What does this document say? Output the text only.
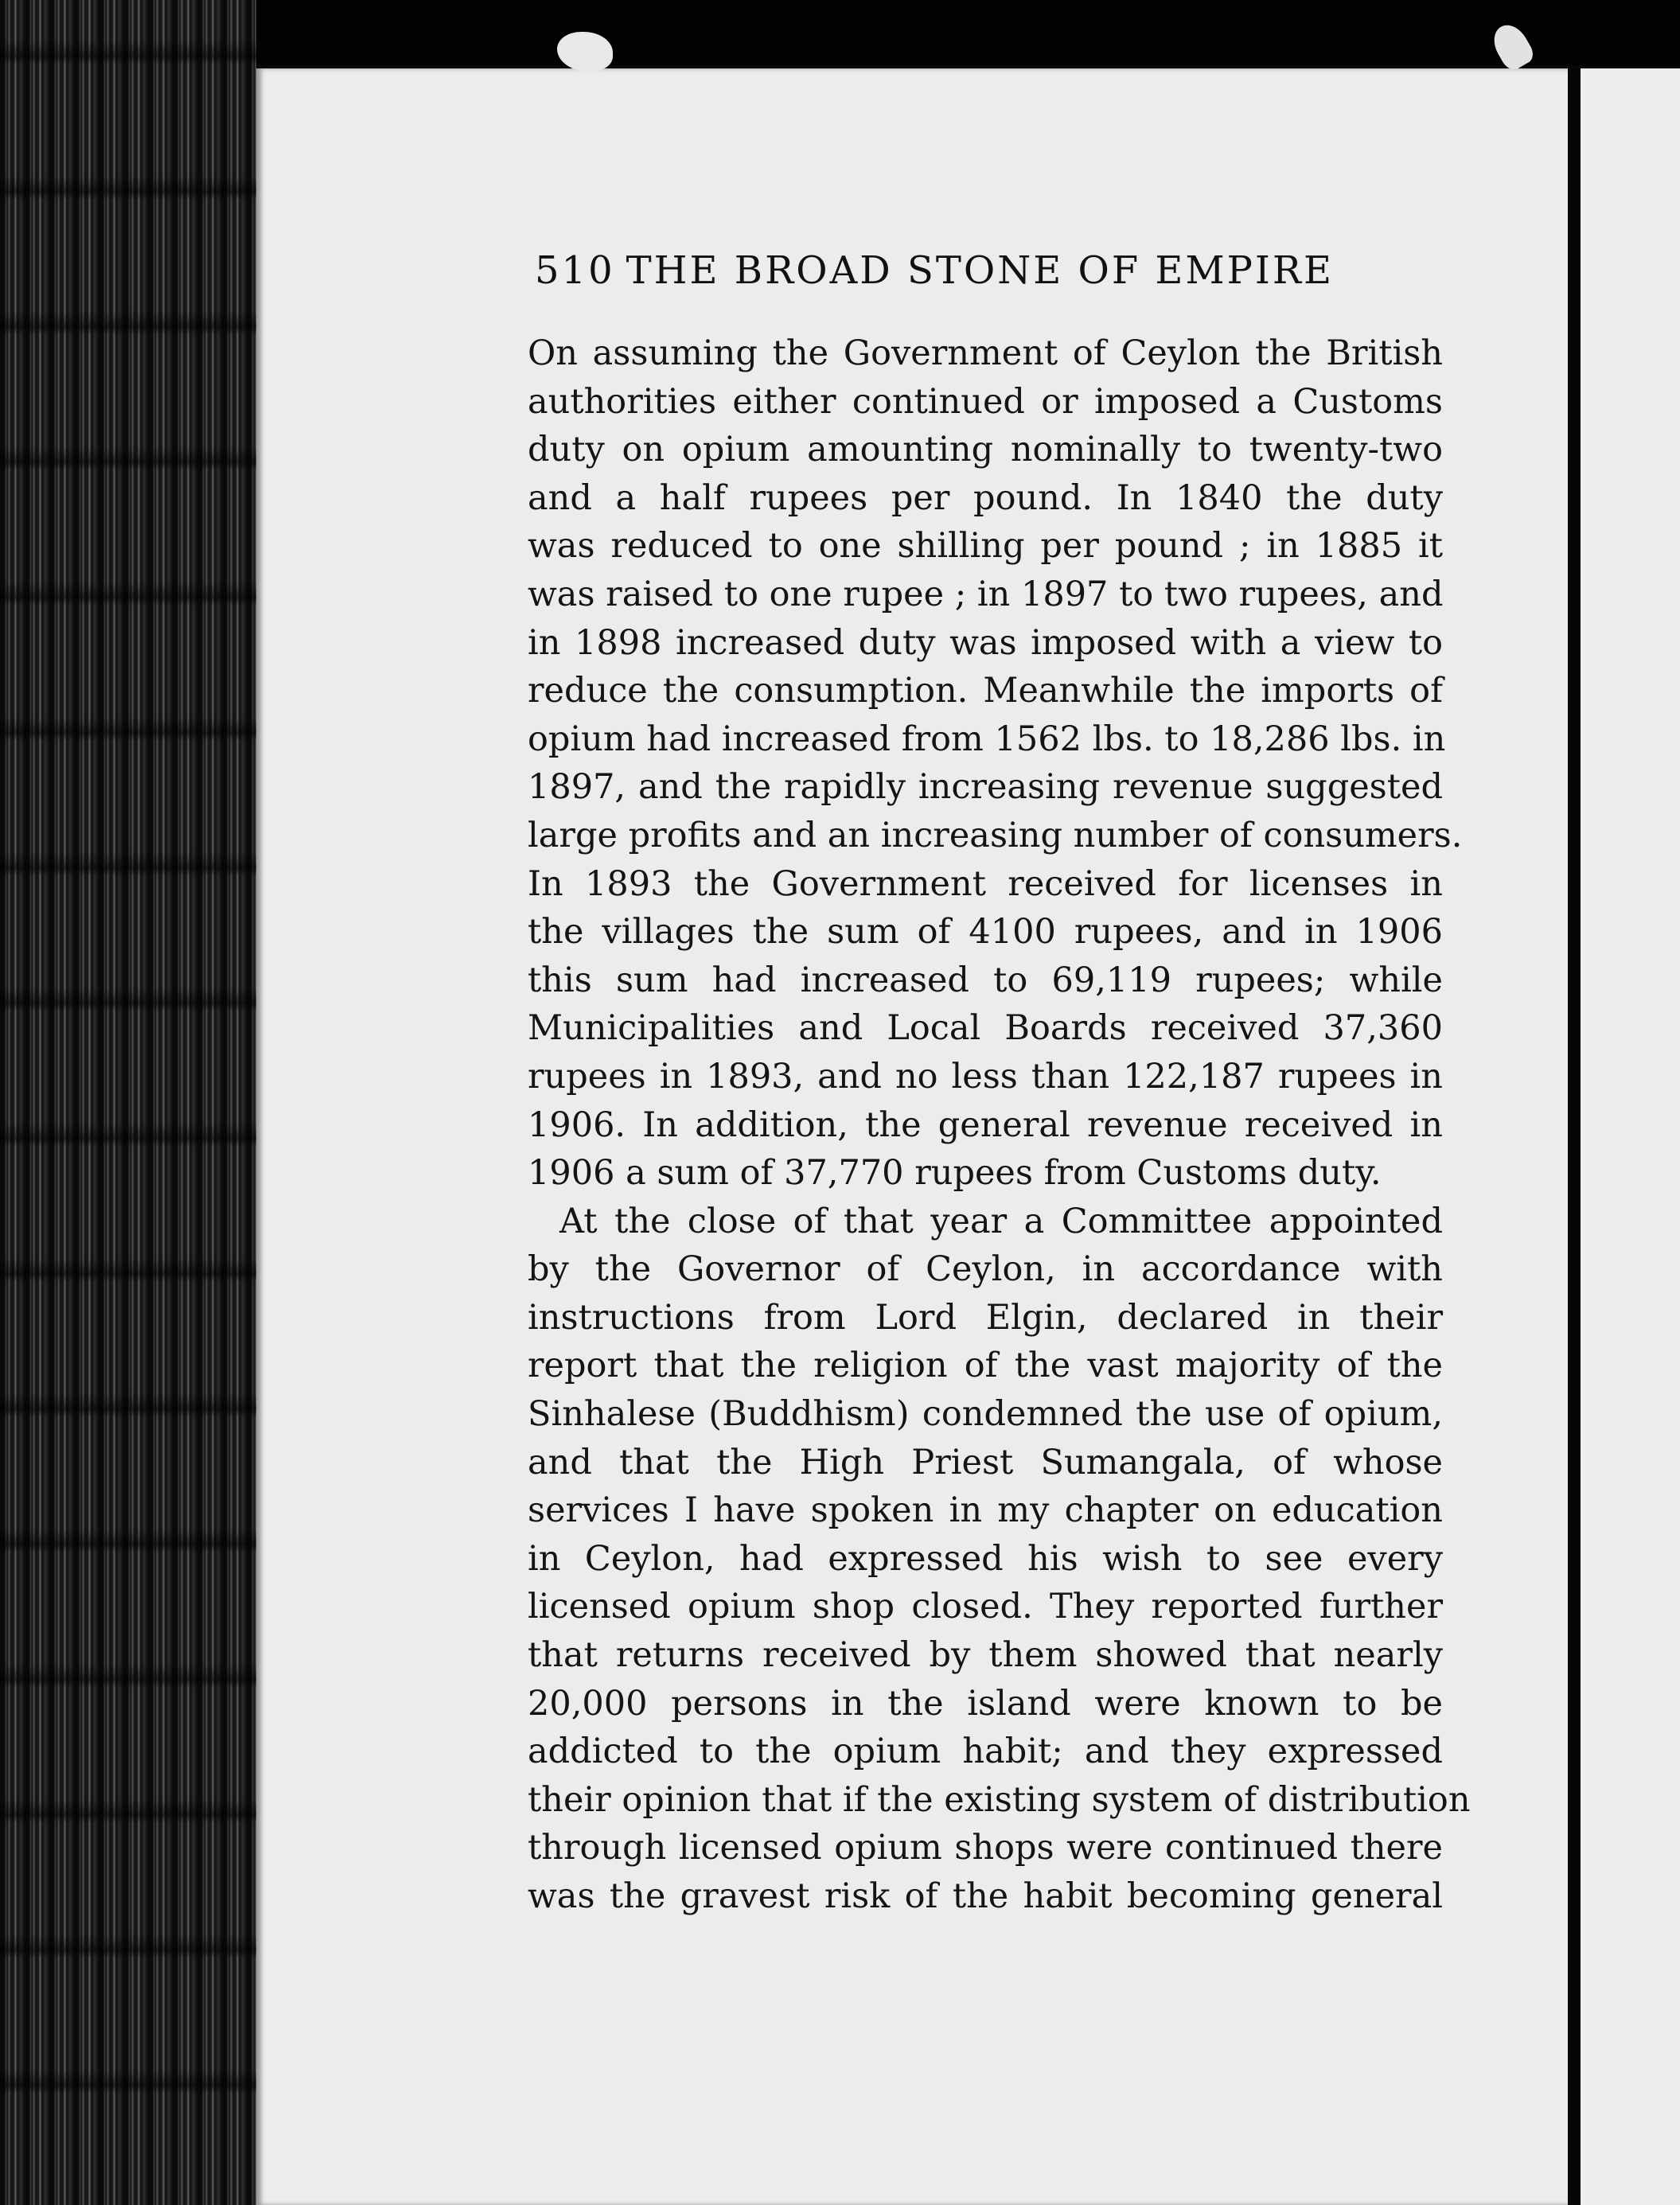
510 THE BROAD STONE OF EMPIRE
On assuming the Government of Ceylon the British
authorities either continued or imposed a Customs
duty on opium amounting nominally to twenty-two
and a half rupees per pound. In 1840 the duty
was reduced to one shilling per pound ; in 1885 it
was raised to one rupee ; in 1897 to two rupees, and
in 1898 increased duty was imposed with a view to
reduce the consumption. Meanwhile the imports of
opium had increased from 1562 lbs. to 18,286 lbs. in
1897, and the rapidly increasing revenue suggested
large profits and an increasing number of consumers.
In 1893 the Government received for licenses in
the villages the sum of 4100 rupees, and in 1906
this sum had increased to 69,119 rupees; while
Municipalities and Local Boards received 37,360
rupees in 1893, and no less than 122,187 rupees in
1906. In addition, the general revenue received in
1906 a sum of 37,770 rupees from Customs duty.
At the close of that year a Committee appointed
by the Governor of Ceylon, in accordance with
instructions from Lord Elgin, declared in their
report that the religion of the vast majority of the
Sinhalese (Buddhism) condemned the use of opium,
and that the High Priest Sumangala, of whose
services I have spoken in my chapter on education
in Ceylon, had expressed his wish to see every
licensed opium shop closed. They reported further
that returns received by them showed that nearly
20,000 persons in the island were known to be
addicted to the opium habit; and they expressed
their opinion that if the existing system of distribution
through licensed opium shops were continued there
was the gravest risk of the habit becoming general
